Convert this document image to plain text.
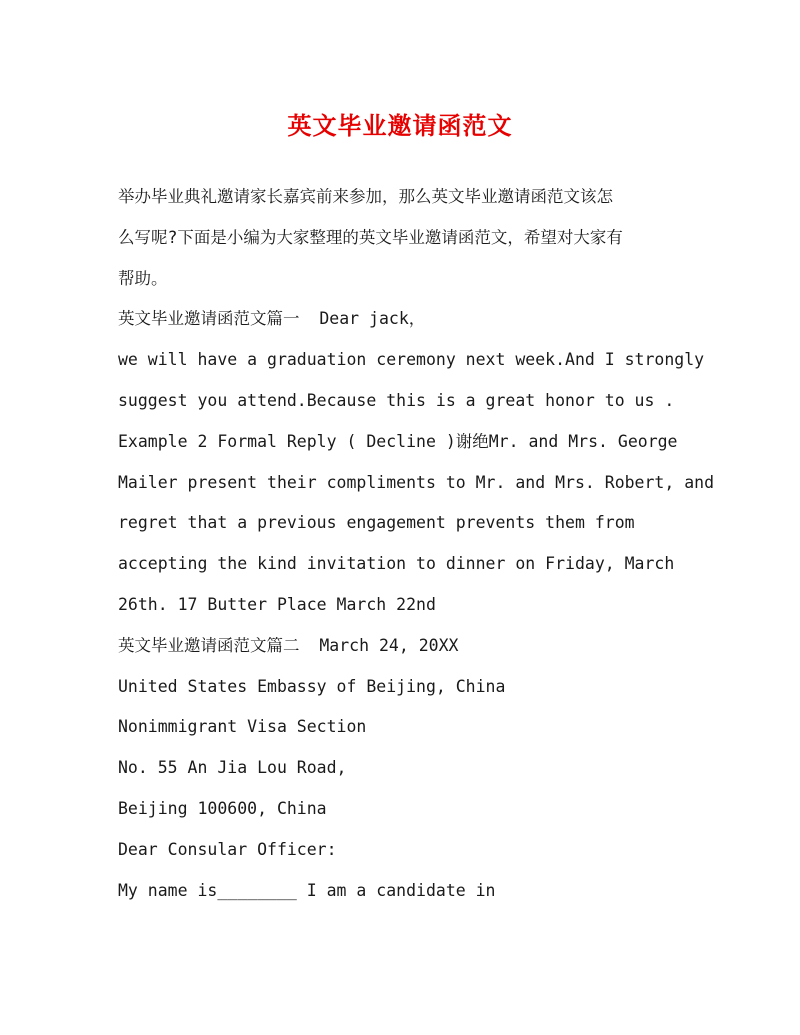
英文毕业邀请函范文
举办毕业典礼邀请家长嘉宾前来参加，那么英文毕业邀请函范文该怎
么写呢?下面是小编为大家整理的英文毕业邀请函范文，希望对大家有
帮助。
英文毕业邀请函范文篇一  Dear jack，
we will have a graduation ceremony next week.And I strongly
suggest you attend.Because this is a great honor to us .
Example 2 Formal Reply ( Decline )谢绝Mr. and Mrs. George
Mailer present their compliments to Mr. and Mrs. Robert, and
regret that a previous engagement prevents them from
accepting the kind invitation to dinner on Friday, March
26th. 17 Butter Place March 22nd
英文毕业邀请函范文篇二  March 24, 20XX
United States Embassy of Beijing, China
Nonimmigrant Visa Section
No. 55 An Jia Lou Road,
Beijing 100600, China
Dear Consular Officer:
My name is________ I am a candidate in
